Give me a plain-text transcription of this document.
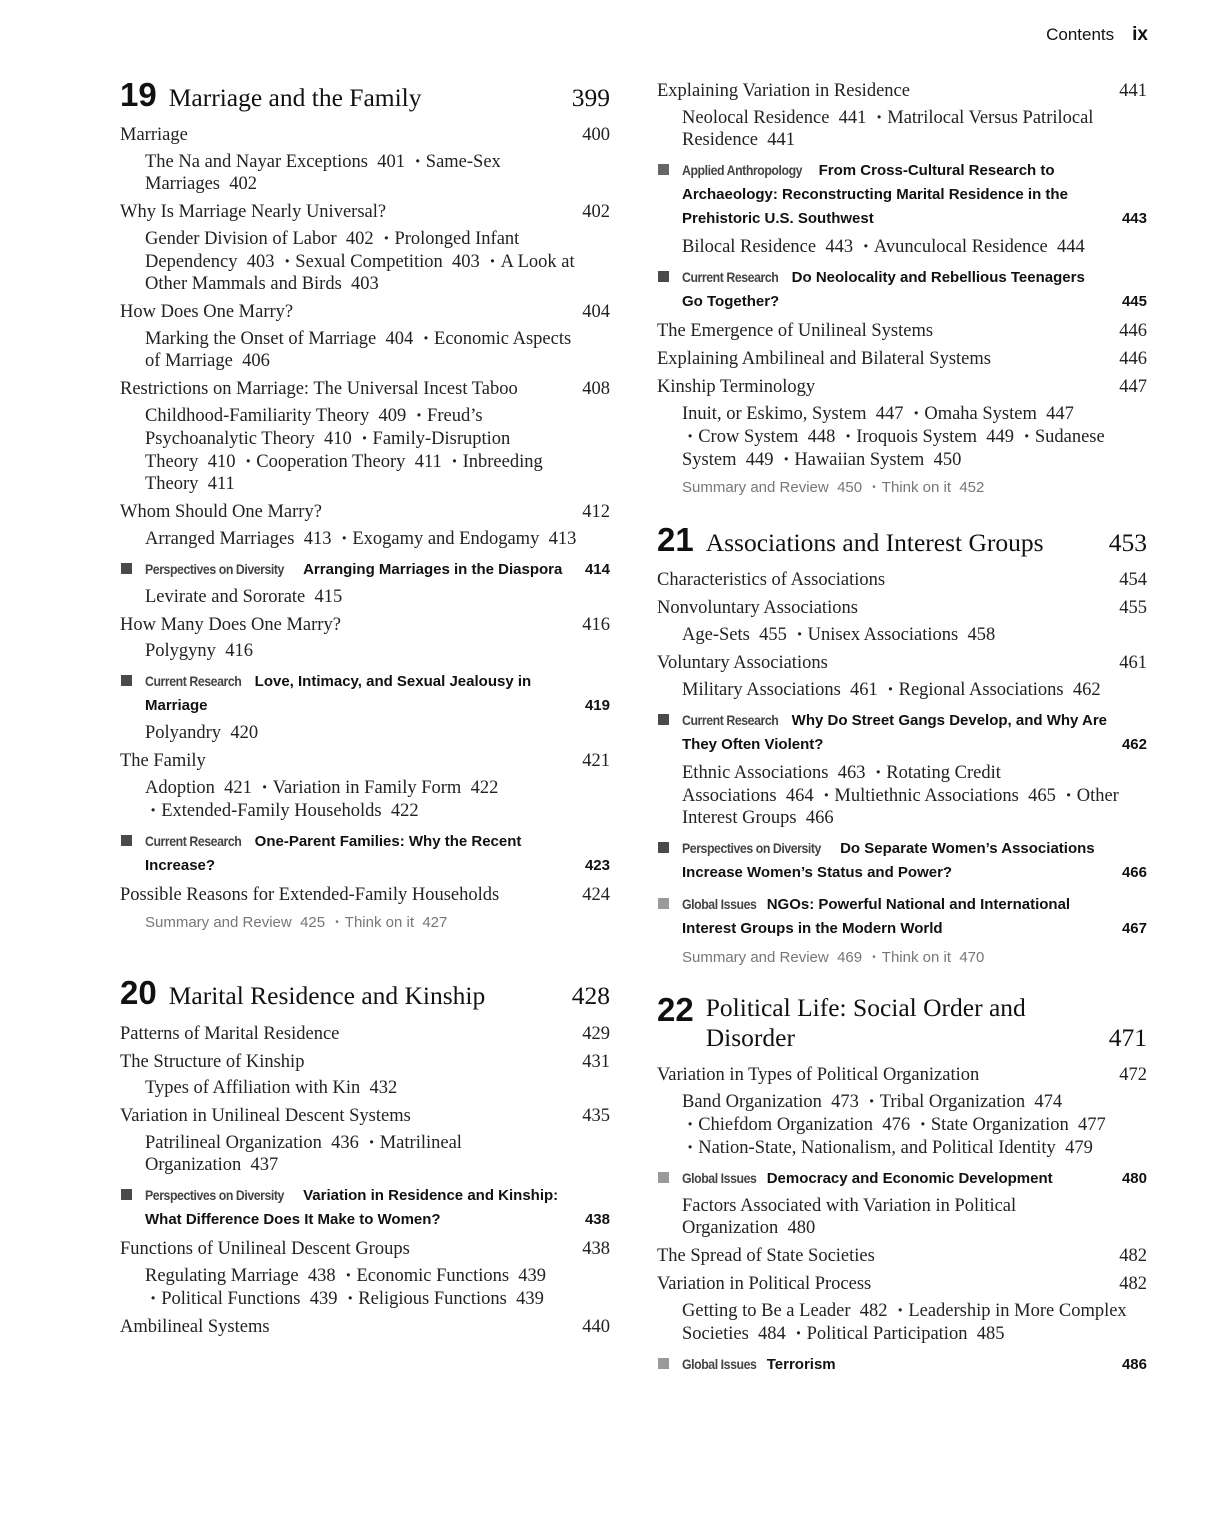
Contents ix
19 Marriage and the Family	399
Marriage	400
The Na and Nayar Exceptions 401 • Same-Sex Marriages 402
Why Is Marriage Nearly Universal?	402
Gender Division of Labor 402 • Prolonged Infant Dependency 403 • Sexual Competition 403 • A Look at Other Mammals and Birds 403
How Does One Marry?	404
Marking the Onset of Marriage 404 • Economic Aspects of Marriage 406
Restrictions on Marriage: The Universal Incest Taboo	408
Childhood-Familiarity Theory 409 • Freud’s Psychoanalytic Theory 410 • Family-Disruption Theory 410 • Cooperation Theory 411 • Inbreeding Theory 411
Whom Should One Marry?	412
Arranged Marriages 413 • Exogamy and Endogamy 413
Perspectives on Diversity Arranging Marriages in the Diaspora 414
Levirate and Sororate 415
How Many Does One Marry?	416
Polygyny 416
Current Research Love, Intimacy, and Sexual Jealousy in Marriage	419
Polyandry 420
The Family	421
Adoption 421 • Variation in Family Form 422 • Extended-Family Households 422
Current Research One-Parent Families: Why the Recent Increase?	423
Possible Reasons for Extended-Family Households	424
Summary and Review 425 • Think on it 427
20 Marital Residence and Kinship	428
Patterns of Marital Residence	429
The Structure of Kinship	431
Types of Affiliation with Kin 432
Variation in Unilineal Descent Systems	435
Patrilineal Organization 436 • Matrilineal Organization 437
Perspectives on Diversity Variation in Residence and Kinship: What Difference Does It Make to Women?	438
Functions of Unilineal Descent Groups	438
Regulating Marriage 438 • Economic Functions 439 • Political Functions 439 • Religious Functions 439
Ambilineal Systems	440
Explaining Variation in Residence	441
Neolocal Residence 441 • Matrilocal Versus Patrilocal Residence 441
Applied Anthropology From Cross-Cultural Research to Archaeology: Reconstructing Marital Residence in the Prehistoric U.S. Southwest	443
Bilocal Residence 443 • Avunculocal Residence 444
Current Research Do Neolocality and Rebellious Teenagers Go Together?	445
The Emergence of Unilineal Systems	446
Explaining Ambilineal and Bilateral Systems	446
Kinship Terminology	447
Inuit, or Eskimo, System 447 • Omaha System 447 • Crow System 448 • Iroquois System 449 • Sudanese System 449 • Hawaiian System 450
Summary and Review 450 • Think on it 452
21 Associations and Interest Groups	453
Characteristics of Associations	454
Nonvoluntary Associations	455
Age-Sets 455 • Unisex Associations 458
Voluntary Associations	461
Military Associations 461 • Regional Associations 462
Current Research Why Do Street Gangs Develop, and Why Are They Often Violent?	462
Ethnic Associations 463 • Rotating Credit Associations 464 • Multiethnic Associations 465 • Other Interest Groups 466
Perspectives on Diversity Do Separate Women’s Associations Increase Women’s Status and Power?	466
Global Issues NGOs: Powerful National and International Interest Groups in the Modern World	467
Summary and Review 469 • Think on it 470
22 Political Life: Social Order and Disorder	471
Variation in Types of Political Organization	472
Band Organization 473 • Tribal Organization 474 • Chiefdom Organization 476 • State Organization 477 • Nation-State, Nationalism, and Political Identity 479
Global Issues Democracy and Economic Development	480
Factors Associated with Variation in Political Organization 480
The Spread of State Societies	482
Variation in Political Process	482
Getting to Be a Leader 482 • Leadership in More Complex Societies 484 • Political Participation 485
Global Issues Terrorism	486
